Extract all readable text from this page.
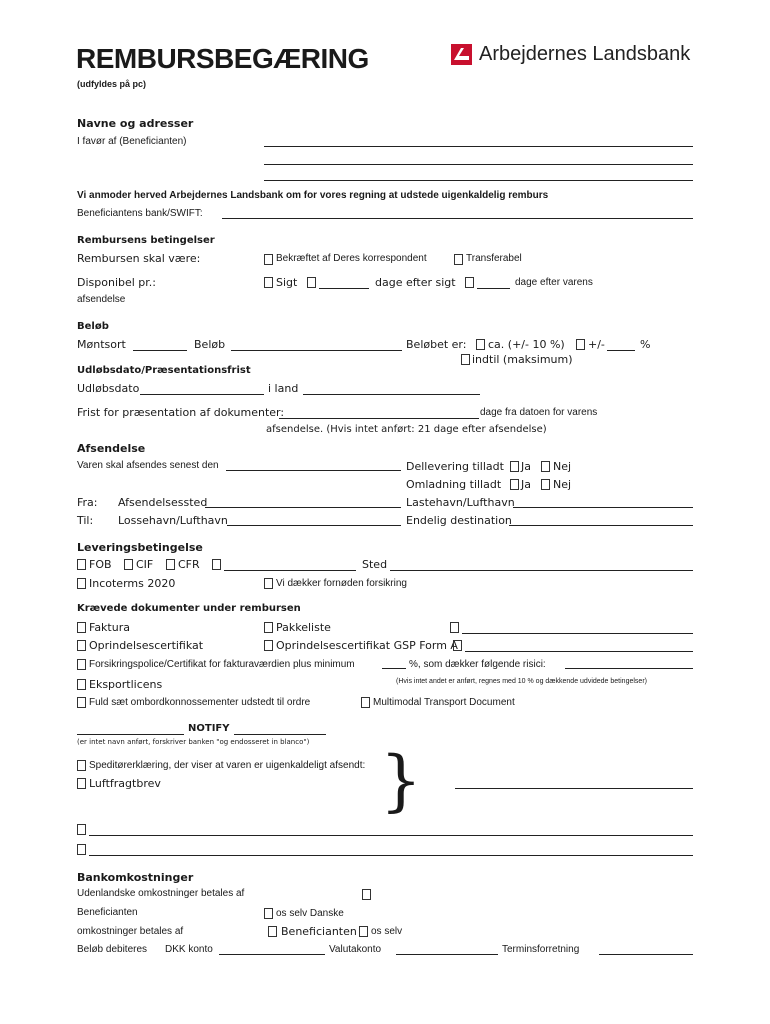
REMBURSBEGÆRING
(udfyldes på pc)
Arbejdernes Landsbank
Navne og adresser
I favør af (Beneficianten)
Vi anmoder herved Arbejdernes Landsbank om for vores regning at udstede uigenkaldelig remburs
Beneficiantens bank/SWIFT:
Rembursens betingelser
Rembursen skal være:	Bekræftet af Deres korrespondent	Transferabel
Disponibel pr.:	Sigt	dage efter sigt	dage efter varens
afsendelse
Beløb
Møntsort	Beløb	Beløbet er: ca. (+/- 10 %) +/-	%
indtil (maksimum)
Udløbsdato/Præsentationsfrist
Udløbsdato	i land
Frist for præsentation af dokumenter:	dage fra datoen for varens
afsendelse. (Hvis intet anført: 21 dage efter afsendelse)
Afsendelse
Varen skal afsendes senest den	Dellevering tilladt Ja Nej
Omladning tilladt Ja Nej
Fra: Afsendelsessted	Lastehavn/Lufthavn
Til: Lossehavn/Lufthavn	Endelig destination
Leveringsbetingelse
FOB CIF CFR	Sted
Incoterms 2020	Vi dækker fornøden forsikring
Krævede dokumenter under rembursen
Faktura	Pakkeliste
Oprindelsescertifikat	Oprindelsescertifikat GSP Form A
Forsikringspolice/Certifikat for fakturaværdien plus minimum	%, som dækker følgende risici:
Eksportlicens	(Hvis intet andet er anført, regnes med 10 % og dækkende udvidede betingelser)
Fuld sæt ombordkonnossementer udstedt til ordre	Multimodal Transport Document
NOTIFY
(er intet navn anført, forskriver banken "og endosseret in blanco")
Speditørerklæring, der viser at varen er uigenkaldeligt afsendt:
Luftfragtbrev	}
Bankomkostninger
Udenlandske omkostninger betales af
Beneficianten	os selv Danske
omkostninger betales af	Beneficianten os selv
Beløb debiteres DKK konto	Valutakonto	Terminsforretning
